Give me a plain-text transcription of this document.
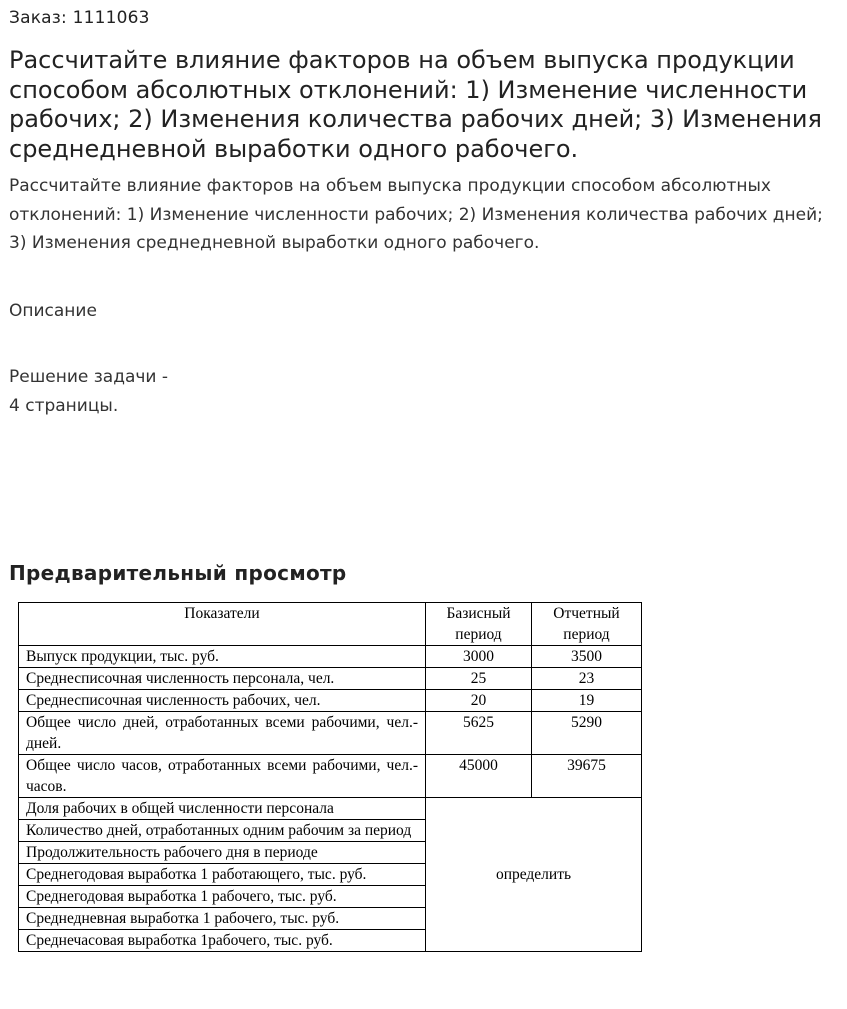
Заказ: 1111063
Рассчитайте влияние факторов на объем выпуска продукции способом абсолютных отклонений: 1) Изменение численности рабочих; 2) Изменения количества рабочих дней; 3) Изменения среднедневной выработки одного рабочего.

Рассчитайте влияние факторов на объем выпуска продукции способом абсолютных отклонений: 1) Изменение численности рабочих; 2) Изменения количества рабочих дней; 3) Изменения среднедневной выработки одного рабочего.

Описание
Решение задачи -
4 страницы.
Предварительный просмотр
Показатели	Базисный период	Отчетный период
Выпуск продукции, тыс. руб.	3000	3500
Среднесписочная численность персонала, чел.	25	23
Среднесписочная численность рабочих, чел.	20	19
Общее число дней, отработанных всеми рабочими, чел.-дней.	5625	5290
Общее число часов, отработанных всеми рабочими, чел.-часов.	45000	39675
Доля рабочих в общей численности персонала	определить	
Количество дней, отработанных одним рабочим за период		
Продолжительность рабочего дня в периоде		
Среднегодовая выработка 1 работающего, тыс. руб.		
Среднегодовая выработка 1 рабочего, тыс. руб.		
Среднедневная выработка 1 рабочего, тыс. руб.		
Среднечасовая выработка 1рабочего, тыс. руб.		
